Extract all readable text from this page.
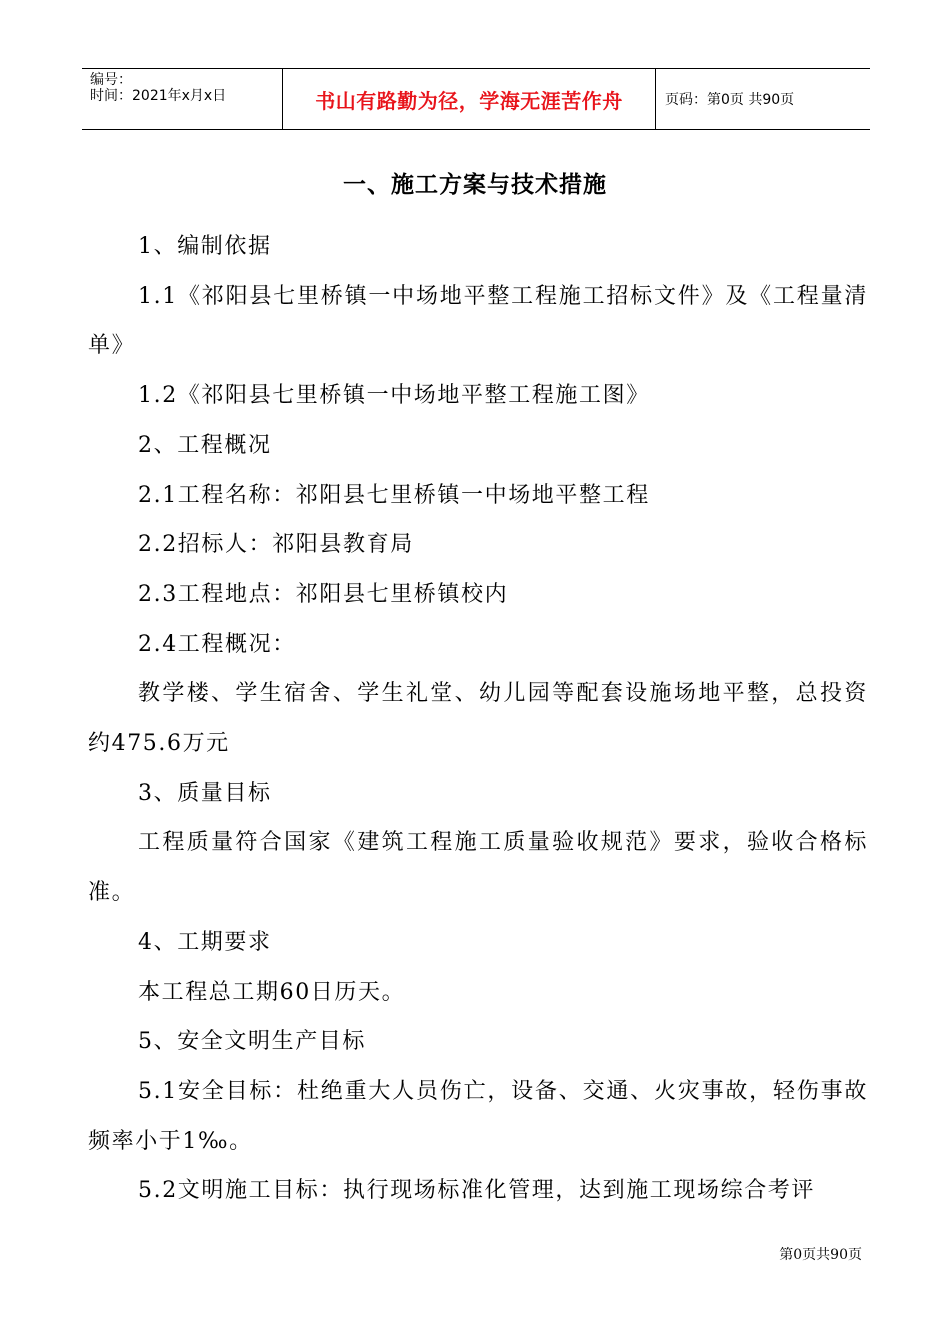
编号：
时间：2021年x月x日	书山有路勤为径，学海无涯苦作舟	页码：第0页 共90页
一、施工方案与技术措施

1、编制依据

1.1《祁阳县七里桥镇一中场地平整工程施工招标文件》及《工程量清单》

1.2《祁阳县七里桥镇一中场地平整工程施工图》

2、工程概况

2.1工程名称：祁阳县七里桥镇一中场地平整工程

2.2招标人：祁阳县教育局

2.3工程地点：祁阳县七里桥镇校内

2.4工程概况：

教学楼、学生宿舍、学生礼堂、幼儿园等配套设施场地平整，总投资约475.6万元

3、质量目标

工程质量符合国家《建筑工程施工质量验收规范》要求，验收合格标准。

4、工期要求

本工程总工期60日历天。

5、安全文明生产目标

5.1安全目标：杜绝重大人员伤亡，设备、交通、火灾事故，轻伤事故频率小于1‰。

5.2文明施工目标：执行现场标准化管理，达到施工现场综合考评

第0页共90页
